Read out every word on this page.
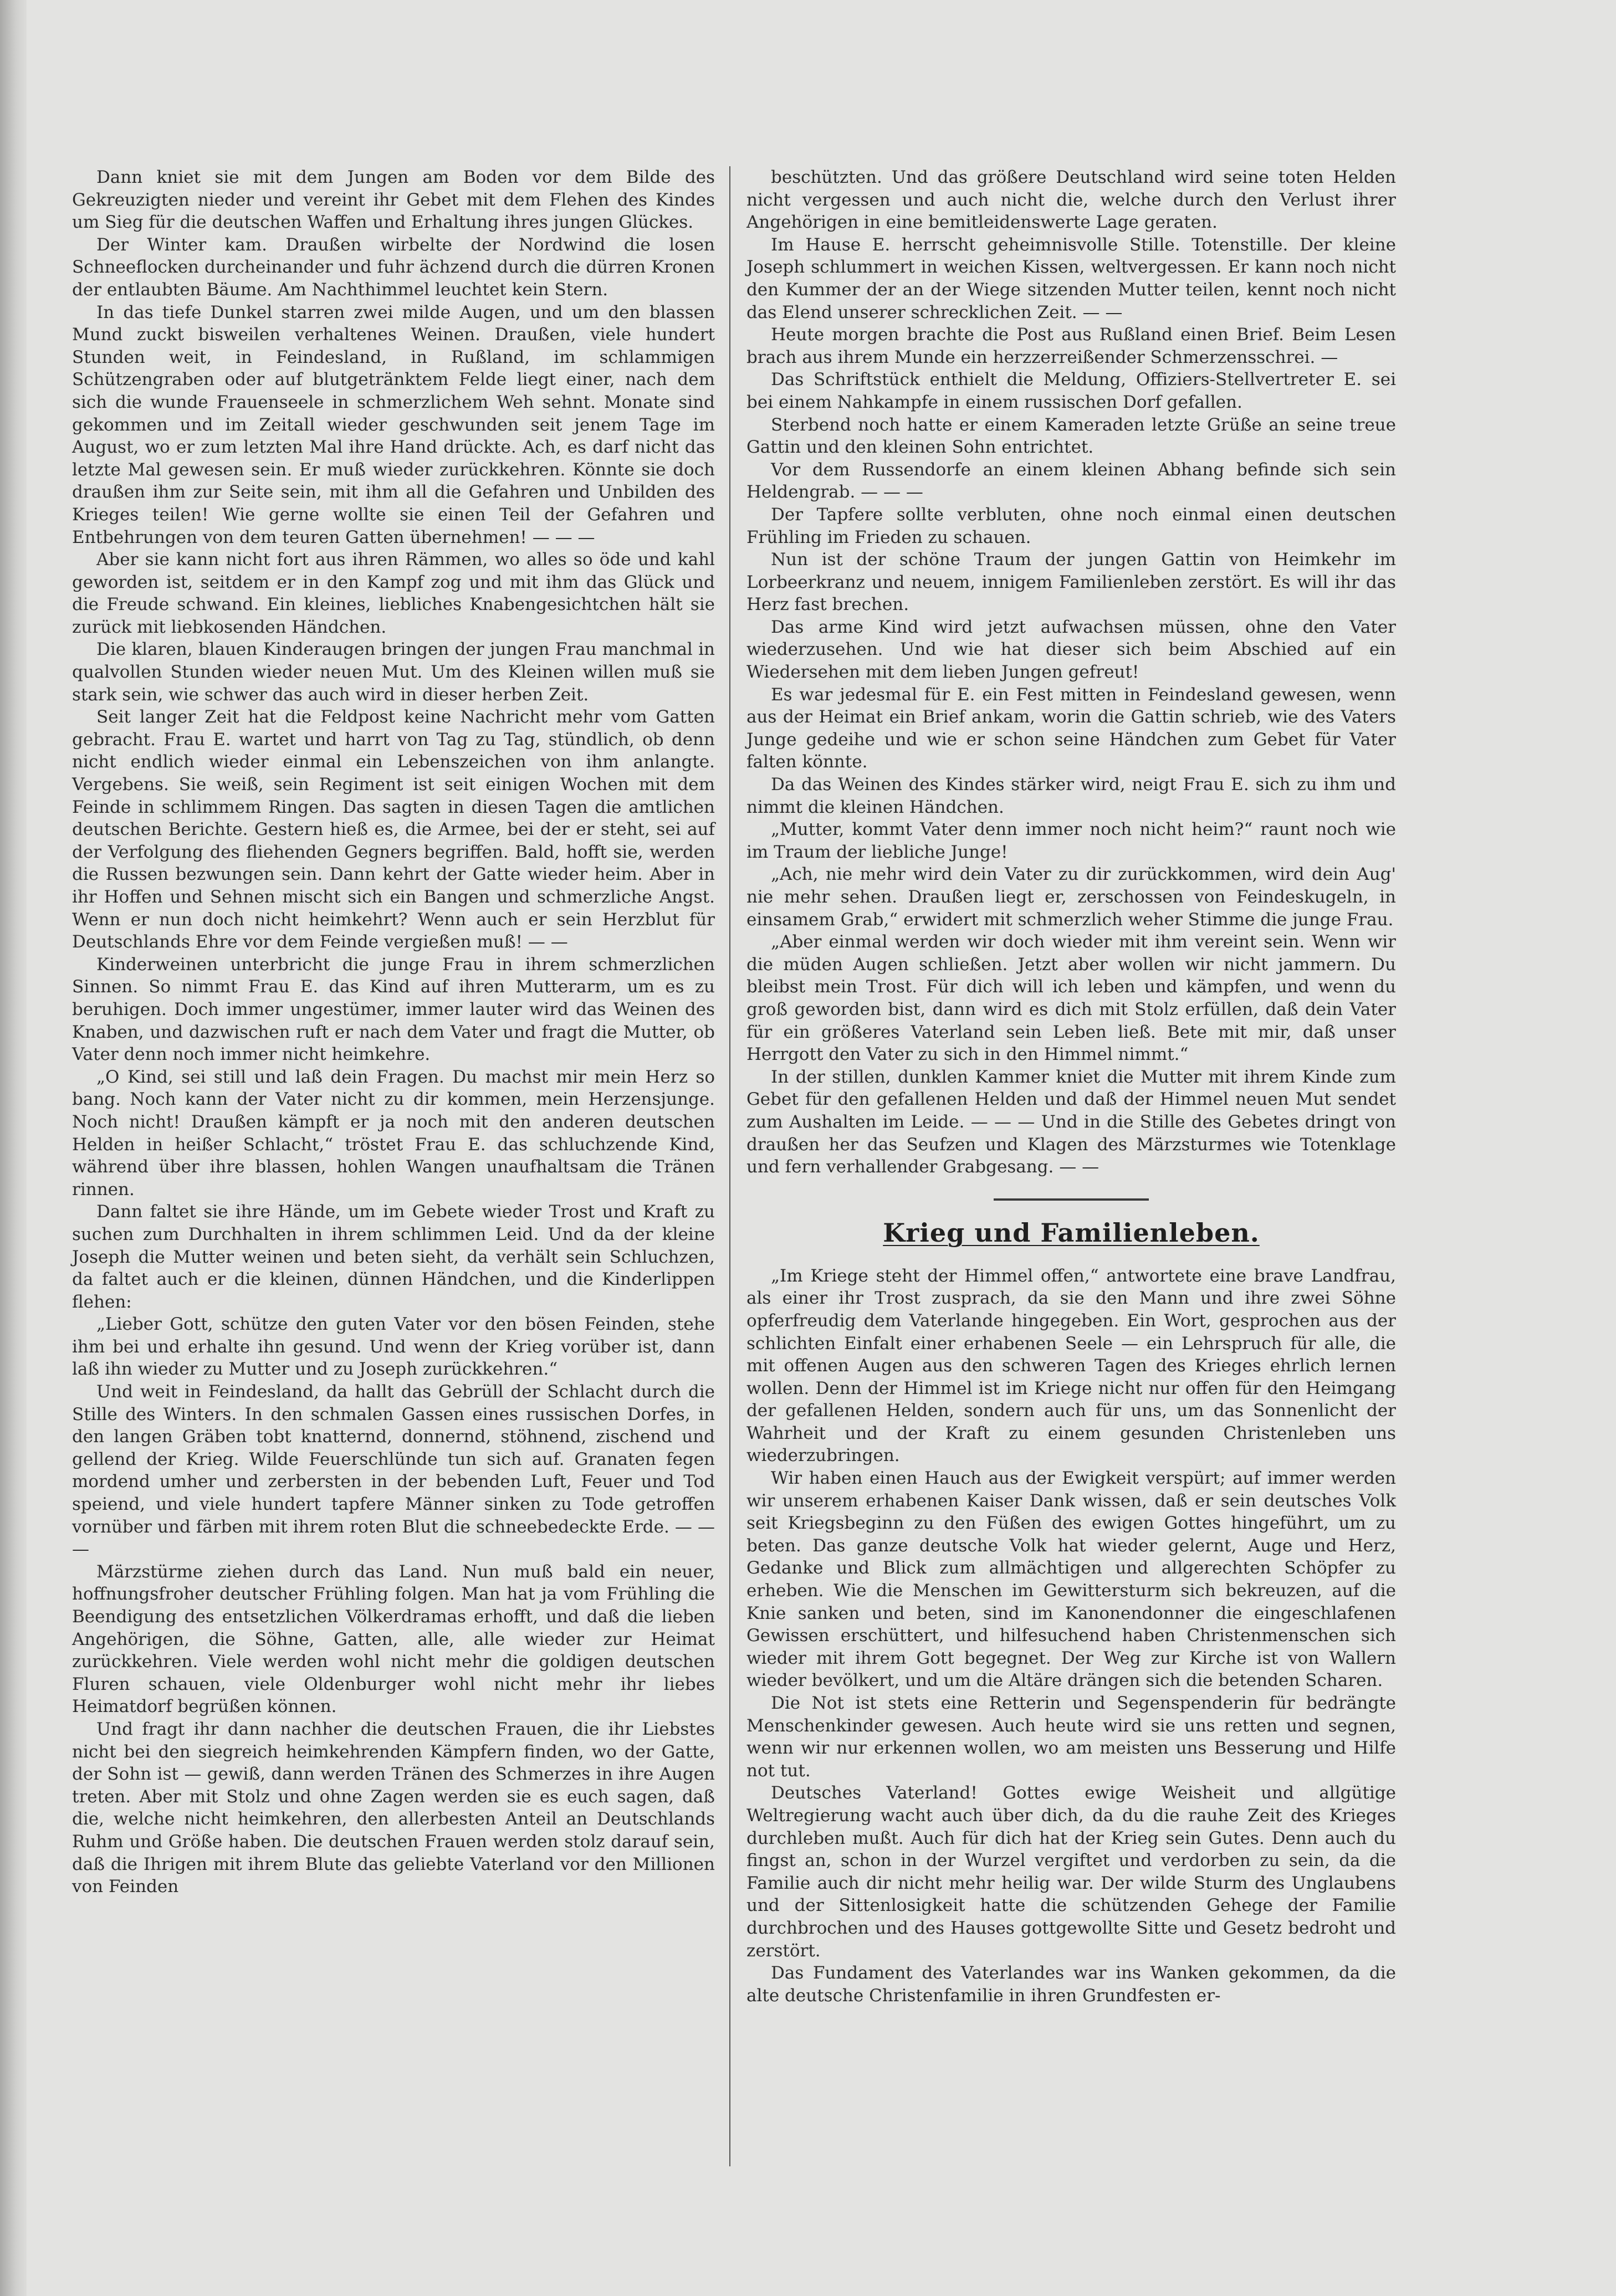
Dann kniet sie mit dem Jungen am Boden vor dem Bilde des Gekreuzigten nieder und vereint ihr Gebet mit dem Flehen des Kindes um Sieg für die deutschen Waffen und Erhaltung ihres jungen Glückes.

Der Winter kam. Draußen wirbelte der Nordwind die losen Schneeflocken durcheinander und fuhr ächzend durch die dürren Kronen der entlaubten Bäume. Am Nachthimmel leuchtet kein Stern.

In das tiefe Dunkel starren zwei milde Augen, und um den blassen Mund zuckt bisweilen verhaltenes Weinen. Draußen, viele hundert Stunden weit, in Feindesland, in Rußland, im schlammigen Schützengraben oder auf blutgetränktem Felde liegt einer, nach dem sich die wunde Frauenseele in schmerzlichem Weh sehnt. Monate sind gekommen und im Zeitall wieder geschwunden seit jenem Tage im August, wo er zum letzten Mal ihre Hand drückte. Ach, es darf nicht das letzte Mal gewesen sein. Er muß wieder zurückkehren. Könnte sie doch draußen ihm zur Seite sein, mit ihm all die Gefahren und Unbilden des Krieges teilen! Wie gerne wollte sie einen Teil der Gefahren und Entbehrungen von dem teuren Gatten übernehmen! — — —

Aber sie kann nicht fort aus ihren Rämmen, wo alles so öde und kahl geworden ist, seitdem er in den Kampf zog und mit ihm das Glück und die Freude schwand. Ein kleines, liebliches Knabengesichtchen hält sie zurück mit liebkosenden Händchen.

Die klaren, blauen Kinderaugen bringen der jungen Frau manchmal in qualvollen Stunden wieder neuen Mut. Um des Kleinen willen muß sie stark sein, wie schwer das auch wird in dieser herben Zeit.

Seit langer Zeit hat die Feldpost keine Nachricht mehr vom Gatten gebracht. Frau E. wartet und harrt von Tag zu Tag, stündlich, ob denn nicht endlich wieder einmal ein Lebenszeichen von ihm anlangte. Vergebens. Sie weiß, sein Regiment ist seit einigen Wochen mit dem Feinde in schlimmem Ringen. Das sagten in diesen Tagen die amtlichen deutschen Berichte. Gestern hieß es, die Armee, bei der er steht, sei auf der Verfolgung des fliehenden Gegners begriffen. Bald, hofft sie, werden die Russen bezwungen sein. Dann kehrt der Gatte wieder heim. Aber in ihr Hoffen und Sehnen mischt sich ein Bangen und schmerzliche Angst. Wenn er nun doch nicht heimkehrt? Wenn auch er sein Herzblut für Deutschlands Ehre vor dem Feinde vergießen muß! — —

Kinderweinen unterbricht die junge Frau in ihrem schmerzlichen Sinnen. So nimmt Frau E. das Kind auf ihren Mutterarm, um es zu beruhigen. Doch immer ungestümer, immer lauter wird das Weinen des Knaben, und dazwischen ruft er nach dem Vater und fragt die Mutter, ob Vater denn noch immer nicht heimkehre.

„O Kind, sei still und laß dein Fragen. Du machst mir mein Herz so bang. Noch kann der Vater nicht zu dir kommen, mein Herzensjunge. Noch nicht! Draußen kämpft er ja noch mit den anderen deutschen Helden in heißer Schlacht,“ tröstet Frau E. das schluchzende Kind, während über ihre blassen, hohlen Wangen unaufhaltsam die Tränen rinnen.

Dann faltet sie ihre Hände, um im Gebete wieder Trost und Kraft zu suchen zum Durchhalten in ihrem schlimmen Leid. Und da der kleine Joseph die Mutter weinen und beten sieht, da verhält sein Schluchzen, da faltet auch er die kleinen, dünnen Händchen, und die Kinderlippen flehen:

„Lieber Gott, schütze den guten Vater vor den bösen Feinden, stehe ihm bei und erhalte ihn gesund. Und wenn der Krieg vorüber ist, dann laß ihn wieder zu Mutter und zu Joseph zurückkehren.“

Und weit in Feindesland, da hallt das Gebrüll der Schlacht durch die Stille des Winters. In den schmalen Gassen eines russischen Dorfes, in den langen Gräben tobt knatternd, donnernd, stöhnend, zischend und gellend der Krieg. Wilde Feuerschlünde tun sich auf. Granaten fegen mordend umher und zerbersten in der bebenden Luft, Feuer und Tod speiend, und viele hundert tapfere Männer sinken zu Tode getroffen vornüber und färben mit ihrem roten Blut die schneebedeckte Erde. — — —

Märzstürme ziehen durch das Land. Nun muß bald ein neuer, hoffnungsfroher deutscher Frühling folgen. Man hat ja vom Frühling die Beendigung des entsetzlichen Völkerdramas erhofft, und daß die lieben Angehörigen, die Söhne, Gatten, alle, alle wieder zur Heimat zurückkehren. Viele werden wohl nicht mehr die goldigen deutschen Fluren schauen, viele Oldenburger wohl nicht mehr ihr liebes Heimatdorf begrüßen können.

Und fragt ihr dann nachher die deutschen Frauen, die ihr Liebstes nicht bei den siegreich heimkehrenden Kämpfern finden, wo der Gatte, der Sohn ist — gewiß, dann werden Tränen des Schmerzes in ihre Augen treten. Aber mit Stolz und ohne Zagen werden sie es euch sagen, daß die, welche nicht heimkehren, den allerbesten Anteil an Deutschlands Ruhm und Größe haben. Die deutschen Frauen werden stolz darauf sein, daß die Ihrigen mit ihrem Blute das geliebte Vaterland vor den Millionen von Feinden

beschützten. Und das größere Deutschland wird seine toten Helden nicht vergessen und auch nicht die, welche durch den Verlust ihrer Angehörigen in eine bemitleidenswerte Lage geraten.

Im Hause E. herrscht geheimnisvolle Stille. Totenstille. Der kleine Joseph schlummert in weichen Kissen, weltvergessen. Er kann noch nicht den Kummer der an der Wiege sitzenden Mutter teilen, kennt noch nicht das Elend unserer schrecklichen Zeit. — —

Heute morgen brachte die Post aus Rußland einen Brief. Beim Lesen brach aus ihrem Munde ein herzzerreißender Schmerzensschrei. —

Das Schriftstück enthielt die Meldung, Offiziers-Stellvertreter E. sei bei einem Nahkampfe in einem russischen Dorf gefallen.

Sterbend noch hatte er einem Kameraden letzte Grüße an seine treue Gattin und den kleinen Sohn entrichtet.

Vor dem Russendorfe an einem kleinen Abhang befinde sich sein Heldengrab. — — —

Der Tapfere sollte verbluten, ohne noch einmal einen deutschen Frühling im Frieden zu schauen.

Nun ist der schöne Traum der jungen Gattin von Heimkehr im Lorbeerkranz und neuem, innigem Familienleben zerstört. Es will ihr das Herz fast brechen.

Das arme Kind wird jetzt aufwachsen müssen, ohne den Vater wiederzusehen. Und wie hat dieser sich beim Abschied auf ein Wiedersehen mit dem lieben Jungen gefreut!

Es war jedesmal für E. ein Fest mitten in Feindesland gewesen, wenn aus der Heimat ein Brief ankam, worin die Gattin schrieb, wie des Vaters Junge gedeihe und wie er schon seine Händchen zum Gebet für Vater falten könnte.

Da das Weinen des Kindes stärker wird, neigt Frau E. sich zu ihm und nimmt die kleinen Händchen.

„Mutter, kommt Vater denn immer noch nicht heim?“ raunt noch wie im Traum der liebliche Junge!

„Ach, nie mehr wird dein Vater zu dir zurückkommen, wird dein Aug' nie mehr sehen. Draußen liegt er, zerschossen von Feindeskugeln, in einsamem Grab,“ erwidert mit schmerzlich weher Stimme die junge Frau.

„Aber einmal werden wir doch wieder mit ihm vereint sein. Wenn wir die müden Augen schließen. Jetzt aber wollen wir nicht jammern. Du bleibst mein Trost. Für dich will ich leben und kämpfen, und wenn du groß geworden bist, dann wird es dich mit Stolz erfüllen, daß dein Vater für ein größeres Vaterland sein Leben ließ. Bete mit mir, daß unser Herrgott den Vater zu sich in den Himmel nimmt.“

In der stillen, dunklen Kammer kniet die Mutter mit ihrem Kinde zum Gebet für den gefallenen Helden und daß der Himmel neuen Mut sendet zum Aushalten im Leide. — — — Und in die Stille des Gebetes dringt von draußen her das Seufzen und Klagen des Märzsturmes wie Totenklage und fern verhallender Grabgesang. — —

Krieg und Familienleben.

„Im Kriege steht der Himmel offen,“ antwortete eine brave Landfrau, als einer ihr Trost zusprach, da sie den Mann und ihre zwei Söhne opferfreudig dem Vaterlande hingegeben. Ein Wort, gesprochen aus der schlichten Einfalt einer erhabenen Seele — ein Lehrspruch für alle, die mit offenen Augen aus den schweren Tagen des Krieges ehrlich lernen wollen. Denn der Himmel ist im Kriege nicht nur offen für den Heimgang der gefallenen Helden, sondern auch für uns, um das Sonnenlicht der Wahrheit und der Kraft zu einem gesunden Christenleben uns wiederzubringen.

Wir haben einen Hauch aus der Ewigkeit verspürt; auf immer werden wir unserem erhabenen Kaiser Dank wissen, daß er sein deutsches Volk seit Kriegsbeginn zu den Füßen des ewigen Gottes hingeführt, um zu beten. Das ganze deutsche Volk hat wieder gelernt, Auge und Herz, Gedanke und Blick zum allmächtigen und allgerechten Schöpfer zu erheben. Wie die Menschen im Gewittersturm sich bekreuzen, auf die Knie sanken und beten, sind im Kanonendonner die eingeschlafenen Gewissen erschüttert, und hilfesuchend haben Christenmenschen sich wieder mit ihrem Gott begegnet. Der Weg zur Kirche ist von Wallern wieder bevölkert, und um die Altäre drängen sich die betenden Scharen.

Die Not ist stets eine Retterin und Segenspenderin für bedrängte Menschenkinder gewesen. Auch heute wird sie uns retten und segnen, wenn wir nur erkennen wollen, wo am meisten uns Besserung und Hilfe not tut.

Deutsches Vaterland! Gottes ewige Weisheit und allgütige Weltregierung wacht auch über dich, da du die rauhe Zeit des Krieges durchleben mußt. Auch für dich hat der Krieg sein Gutes. Denn auch du fingst an, schon in der Wurzel vergiftet und verdorben zu sein, da die Familie auch dir nicht mehr heilig war. Der wilde Sturm des Unglaubens und der Sittenlosigkeit hatte die schützenden Gehege der Familie durchbrochen und des Hauses gottgewollte Sitte und Gesetz bedroht und zerstört.

Das Fundament des Vaterlandes war ins Wanken gekommen, da die alte deutsche Christenfamilie in ihren Grundfesten er-
